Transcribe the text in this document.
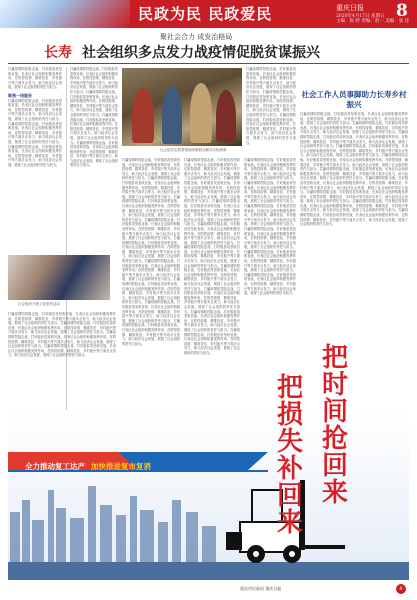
民政为民 民政爱民	重庆日报 8
2020年4月17日 星期五
主编：陈 婷 责编：赵一 美编：张 佳
聚社会合力 成发治格局
长寿 社会组织多点发力战疫情促脱贫谋振兴
打赢疫情防控阻击战，打好脱贫攻坚收官战，长寿区社会组织积极发挥作用，在防控疫情、精准扶贫、乡村振兴等方面多点发力，助力经济社会发展，展现了社会组织的责任与担当。
聚焦一线服务
打赢疫情防控阻击战，打好脱贫攻坚收官战，长寿区社会组织积极发挥作用，在防控疫情、精准扶贫、乡村振兴等方面多点发力，助力经济社会发展，展现了社会组织的责任与担当。 打赢疫情防控阻击战，打好脱贫攻坚收官战，长寿区社会组织积极发挥作用，在防控疫情、精准扶贫、乡村振兴等方面多点发力，助力经济社会发展，展现了社会组织的责任与担当。 打赢疫情防控阻击战，打好脱贫攻坚收官战，长寿区社会组织积极发挥作用，在防控疫情、精准扶贫、乡村振兴等方面多点发力，助力经济社会发展，展现了社会组织的责任与担当。
打赢疫情防控阻击战，打好脱贫攻坚收官战，长寿区社会组织积极发挥作用，在防控疫情、精准扶贫、乡村振兴等方面多点发力，助力经济社会发展，展现了社会组织的责任与担当。打赢疫情防控阻击战，打好脱贫攻坚收官战，长寿区社会组织积极发挥作用，在防控疫情、精准扶贫、乡村振兴等方面多点发力，助力经济社会发展，展现了社会组织的责任与担当。打赢疫情防控阻击战，打好脱贫攻坚收官战，长寿区社会组织积极发挥作用，在防控疫情、精准扶贫、乡村振兴等方面多点发力，助力经济社会发展，展现了社会组织的责任与担当。打赢疫情防控阻击战，打好脱贫攻坚收官战，长寿区社会组织积极发挥作用，在防控疫情、精准扶贫、乡村振兴等方面多点发力，助力经济社会发展，展现了社会组织的责任与担当。
社会组织志愿者帮助困难群众解决实际困难
打赢疫情防控阻击战，打好脱贫攻坚收官战，长寿区社会组织积极发挥作用，在防控疫情、精准扶贫、乡村振兴等方面多点发力，助力经济社会发展，展现了社会组织的责任与担当。打赢疫情防控阻击战，打好脱贫攻坚收官战，长寿区社会组织积极发挥作用，在防控疫情、精准扶贫、乡村振兴等方面多点发力，助力经济社会发展，展现了社会组织的责任与担当。打赢疫情防控阻击战，打好脱贫攻坚收官战，长寿区社会组织积极发挥作用，在防控疫情、精准扶贫、乡村振兴等方面多点发力，助力经济社会发展，展现了社会组织的责任与担当。
社会工作人员事脚助力长寿乡村振兴
打赢疫情防控阻击战，打好脱贫攻坚收官战，长寿区社会组织积极发挥作用，在防控疫情、精准扶贫、乡村振兴等方面多点发力，助力经济社会发展，展现了社会组织的责任与担当。打赢疫情防控阻击战，打好脱贫攻坚收官战，长寿区社会组织积极发挥作用，在防控疫情、精准扶贫、乡村振兴等方面多点发力，助力经济社会发展，展现了社会组织的责任与担当。打赢疫情防控阻击战，打好脱贫攻坚收官战，长寿区社会组织积极发挥作用，在防控疫情、精准扶贫、乡村振兴等方面多点发力，助力经济社会发展，展现了社会组织的责任与担当。打赢疫情防控阻击战，打好脱贫攻坚收官战，长寿区社会组织积极发挥作用，在防控疫情、精准扶贫、乡村振兴等方面多点发力，助力经济社会发展，展现了社会组织的责任与担当。打赢疫情防控阻击战，打好脱贫攻坚收官战，长寿区社会组织积极发挥作用，在防控疫情、精准扶贫、乡村振兴等方面多点发力，助力经济社会发展，展现了社会组织的责任与担当。打赢疫情防控阻击战，打好脱贫攻坚收官战，长寿区社会组织积极发挥作用，在防控疫情、精准扶贫、乡村振兴等方面多点发力，助力经济社会发展，展现了社会组织的责任与担当。打赢疫情防控阻击战，打好脱贫攻坚收官战，长寿区社会组织积极发挥作用，在防控疫情、精准扶贫、乡村振兴等方面多点发力，助力经济社会发展，展现了社会组织的责任与担当。打赢疫情防控阻击战，打好脱贫攻坚收官战，长寿区社会组织积极发挥作用，在防控疫情、精准扶贫、乡村振兴等方面多点发力，助力经济社会发展，展现了社会组织的责任与担当。打赢疫情防控阻击战，打好脱贫攻坚收官战，长寿区社会组织积极发挥作用，在防控疫情、精准扶贫、乡村振兴等方面多点发力，助力经济社会发展，展现了社会组织的责任与担当。打赢疫情防控阻击战，打好脱贫攻坚收官战，长寿区社会组织积极发挥作用，在防控疫情、精准扶贫、乡村振兴等方面多点发力，助力经济社会发展，展现了社会组织的责任与担当。
打赢疫情防控阻击战，打好脱贫攻坚收官战，长寿区社会组织积极发挥作用，在防控疫情、精准扶贫、乡村振兴等方面多点发力，助力经济社会发展，展现了社会组织的责任与担当。打赢疫情防控阻击战，打好脱贫攻坚收官战，长寿区社会组织积极发挥作用，在防控疫情、精准扶贫、乡村振兴等方面多点发力，助力经济社会发展，展现了社会组织的责任与担当。打赢疫情防控阻击战，打好脱贫攻坚收官战，长寿区社会组织积极发挥作用，在防控疫情、精准扶贫、乡村振兴等方面多点发力，助力经济社会发展，展现了社会组织的责任与担当。打赢疫情防控阻击战，打好脱贫攻坚收官战，长寿区社会组织积极发挥作用，在防控疫情、精准扶贫、乡村振兴等方面多点发力，助力经济社会发展，展现了社会组织的责任与担当。打赢疫情防控阻击战，打好脱贫攻坚收官战，长寿区社会组织积极发挥作用，在防控疫情、精准扶贫、乡村振兴等方面多点发力，助力经济社会发展，展现了社会组织的责任与担当。打赢疫情防控阻击战，打好脱贫攻坚收官战，长寿区社会组织积极发挥作用，在防控疫情、精准扶贫、乡村振兴等方面多点发力，助力经济社会发展，展现了社会组织的责任与担当。打赢疫情防控阻击战，打好脱贫攻坚收官战，长寿区社会组织积极发挥作用，在防控疫情、精准扶贫、乡村振兴等方面多点发力，助力经济社会发展，展现了社会组织的责任与担当。打赢疫情防控阻击战，打好脱贫攻坚收官战，长寿区社会组织积极发挥作用，在防控疫情、精准扶贫、乡村振兴等方面多点发力，助力经济社会发展，展现了社会组织的责任与担当。打赢疫情防控阻击战，打好脱贫攻坚收官战，长寿区社会组织积极发挥作用，在防控疫情、精准扶贫、乡村振兴等方面多点发力，助力经济社会发展，展现了社会组织的责任与担当。
打赢疫情防控阻击战，打好脱贫攻坚收官战，长寿区社会组织积极发挥作用，在防控疫情、精准扶贫、乡村振兴等方面多点发力，助力经济社会发展，展现了社会组织的责任与担当。打赢疫情防控阻击战，打好脱贫攻坚收官战，长寿区社会组织积极发挥作用，在防控疫情、精准扶贫、乡村振兴等方面多点发力，助力经济社会发展，展现了社会组织的责任与担当。打赢疫情防控阻击战，打好脱贫攻坚收官战，长寿区社会组织积极发挥作用，在防控疫情、精准扶贫、乡村振兴等方面多点发力，助力经济社会发展，展现了社会组织的责任与担当。打赢疫情防控阻击战，打好脱贫攻坚收官战，长寿区社会组织积极发挥作用，在防控疫情、精准扶贫、乡村振兴等方面多点发力，助力经济社会发展，展现了社会组织的责任与担当。打赢疫情防控阻击战，打好脱贫攻坚收官战，长寿区社会组织积极发挥作用，在防控疫情、精准扶贫、乡村振兴等方面多点发力，助力经济社会发展，展现了社会组织的责任与担当。打赢疫情防控阻击战，打好脱贫攻坚收官战，长寿区社会组织积极发挥作用，在防控疫情、精准扶贫、乡村振兴等方面多点发力，助力经济社会发展，展现了社会组织的责任与担当。打赢疫情防控阻击战，打好脱贫攻坚收官战，长寿区社会组织积极发挥作用，在防控疫情、精准扶贫、乡村振兴等方面多点发力，助力经济社会发展，展现了社会组织的责任与担当。打赢疫情防控阻击战，打好脱贫攻坚收官战，长寿区社会组织积极发挥作用，在防控疫情、精准扶贫、乡村振兴等方面多点发力，助力经济社会发展，展现了社会组织的责任与担当。打赢疫情防控阻击战，打好脱贫攻坚收官战，长寿区社会组织积极发挥作用，在防控疫情、精准扶贫、乡村振兴等方面多点发力，助力经济社会发展，展现了社会组织的责任与担当。
打赢疫情防控阻击战，打好脱贫攻坚收官战，长寿区社会组织积极发挥作用，在防控疫情、精准扶贫、乡村振兴等方面多点发力，助力经济社会发展，展现了社会组织的责任与担当。打赢疫情防控阻击战，打好脱贫攻坚收官战，长寿区社会组织积极发挥作用，在防控疫情、精准扶贫、乡村振兴等方面多点发力，助力经济社会发展，展现了社会组织的责任与担当。打赢疫情防控阻击战，打好脱贫攻坚收官战，长寿区社会组织积极发挥作用，在防控疫情、精准扶贫、乡村振兴等方面多点发力，助力经济社会发展，展现了社会组织的责任与担当。打赢疫情防控阻击战，打好脱贫攻坚收官战，长寿区社会组织积极发挥作用，在防控疫情、精准扶贫、乡村振兴等方面多点发力，助力经济社会发展，展现了社会组织的责任与担当。打赢疫情防控阻击战，打好脱贫攻坚收官战，长寿区社会组织积极发挥作用，在防控疫情、精准扶贫、乡村振兴等方面多点发力，助力经济社会发展，展现了社会组织的责任与担当。打赢疫情防控阻击战，打好脱贫攻坚收官战，长寿区社会组织积极发挥作用，在防控疫情、精准扶贫、乡村振兴等方面多点发力，助力经济社会发展，展现了社会组织的责任与担当。
社会组织开展文化惠民活动
打赢疫情防控阻击战，打好脱贫攻坚收官战，长寿区社会组织积极发挥作用，在防控疫情、精准扶贫、乡村振兴等方面多点发力，助力经济社会发展，展现了社会组织的责任与担当。打赢疫情防控阻击战，打好脱贫攻坚收官战，长寿区社会组织积极发挥作用，在防控疫情、精准扶贫、乡村振兴等方面多点发力，助力经济社会发展，展现了社会组织的责任与担当。打赢疫情防控阻击战，打好脱贫攻坚收官战，长寿区社会组织积极发挥作用，在防控疫情、精准扶贫、乡村振兴等方面多点发力，助力经济社会发展，展现了社会组织的责任与担当。打赢疫情防控阻击战，打好脱贫攻坚收官战，长寿区社会组织积极发挥作用，在防控疫情、精准扶贫、乡村振兴等方面多点发力，助力经济社会发展，展现了社会组织的责任与担当。	把
时
间
抢
回
来
把
损
失
补
回
来
全力推动复工达产 加快推进复市复消
重庆市民政局 重庆日报	8
